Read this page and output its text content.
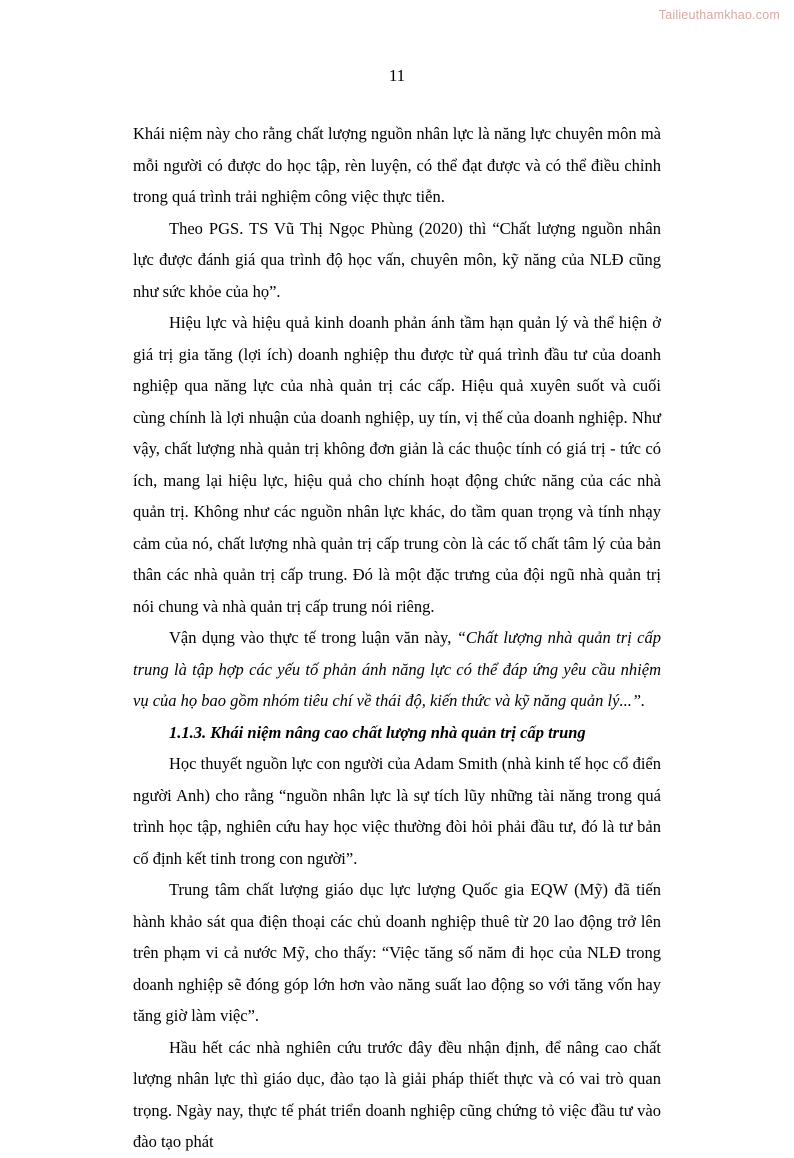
Tailieuthamkhao.com
11

Khái niệm này cho rằng chất lượng nguồn nhân lực là năng lực chuyên môn mà mỗi người có được do học tập, rèn luyện, có thể đạt được và có thể điều chỉnh trong quá trình trải nghiệm công việc thực tiễn.

Theo PGS. TS Vũ Thị Ngọc Phùng (2020) thì “Chất lượng nguồn nhân lực được đánh giá qua trình độ học vấn, chuyên môn, kỹ năng của NLĐ cũng như sức khỏe của họ”.

Hiệu lực và hiệu quả kinh doanh phản ánh tầm hạn quản lý và thể hiện ở giá trị gia tăng (lợi ích) doanh nghiệp thu được từ quá trình đầu tư của doanh nghiệp qua năng lực của nhà quản trị các cấp. Hiệu quả xuyên suốt và cuối cùng chính là lợi nhuận của doanh nghiệp, uy tín, vị thế của doanh nghiệp. Như vậy, chất lượng nhà quản trị không đơn giản là các thuộc tính có giá trị - tức có ích, mang lại hiệu lực, hiệu quả cho chính hoạt động chức năng của các nhà quản trị. Không như các nguồn nhân lực khác, do tầm quan trọng và tính nhạy cảm của nó, chất lượng nhà quản trị cấp trung còn là các tố chất tâm lý của bản thân các nhà quản trị cấp trung. Đó là một đặc trưng của đội ngũ nhà quản trị nói chung và nhà quản trị cấp trung nói riêng.

Vận dụng vào thực tế trong luận văn này, “Chất lượng nhà quản trị cấp trung là tập hợp các yếu tố phản ánh năng lực có thể đáp ứng yêu cầu nhiệm vụ của họ bao gồm nhóm tiêu chí về thái độ, kiến thức và kỹ năng quản lý...”.

1.1.3. Khái niệm nâng cao chất lượng nhà quản trị cấp trung

Học thuyết nguồn lực con người của Adam Smith (nhà kinh tế học cổ điển người Anh) cho rằng “nguồn nhân lực là sự tích lũy những tài năng trong quá trình học tập, nghiên cứu hay học việc thường đòi hỏi phải đầu tư, đó là tư bản cố định kết tinh trong con người”.

Trung tâm chất lượng giáo dục lực lượng Quốc gia EQW (Mỹ) đã tiến hành khảo sát qua điện thoại các chủ doanh nghiệp thuê từ 20 lao động trở lên trên phạm vi cả nước Mỹ, cho thấy: “Việc tăng số năm đi học của NLĐ trong doanh nghiệp sẽ đóng góp lớn hơn vào năng suất lao động so với tăng vốn hay tăng giờ làm việc”.

Hầu hết các nhà nghiên cứu trước đây đều nhận định, để nâng cao chất lượng nhân lực thì giáo dục, đào tạo là giải pháp thiết thực và có vai trò quan trọng. Ngày nay, thực tế phát triển doanh nghiệp cũng chứng tỏ việc đầu tư vào đào tạo phát
